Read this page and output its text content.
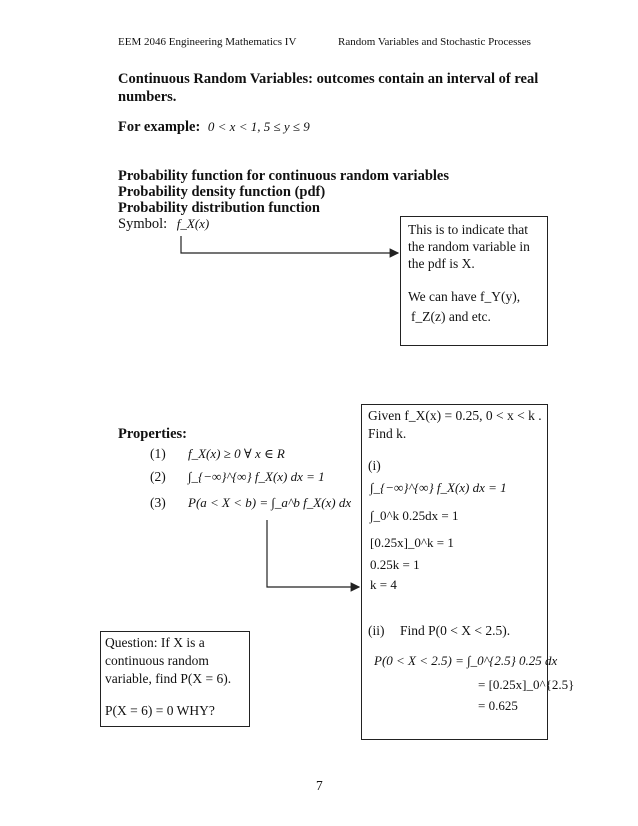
EEM 2046 Engineering Mathematics IV	Random Variables and Stochastic Processes
Continuous Random Variables: outcomes contain an interval of real
numbers.
For example: 0 < x < 1, 5 ≤ y ≤ 9
Probability function for continuous random variables
Probability density function (pdf)
Probability distribution function
Symbol: f_X(x)	This is to indicate that
the random variable in
the pdf is X.
We can have f_Y(y),
f_Z(z) and etc.
Properties:
(1) f_X(x) ≥ 0 ∀ x ∈ R
(2) ∫_{−∞}^{∞} f_X(x) dx = 1
(3) P(a < X < b) = ∫_a^b f_X(x) dx
Given f_X(x) = 0.25, 0 < x < k .
Find k.
(i)
∫_{−∞}^{∞} f_X(x) dx = 1
∫_0^k 0.25dx = 1
[0.25x]_0^k = 1
0.25k = 1
k = 4
(ii) Find P(0 < X < 2.5).
P(0 < X < 2.5) = ∫_0^{2.5} 0.25 dx
= [0.25x]_0^{2.5}
= 0.625
Question: If X is a
continuous random
variable, find P(X = 6).
P(X = 6) = 0 WHY?
7
